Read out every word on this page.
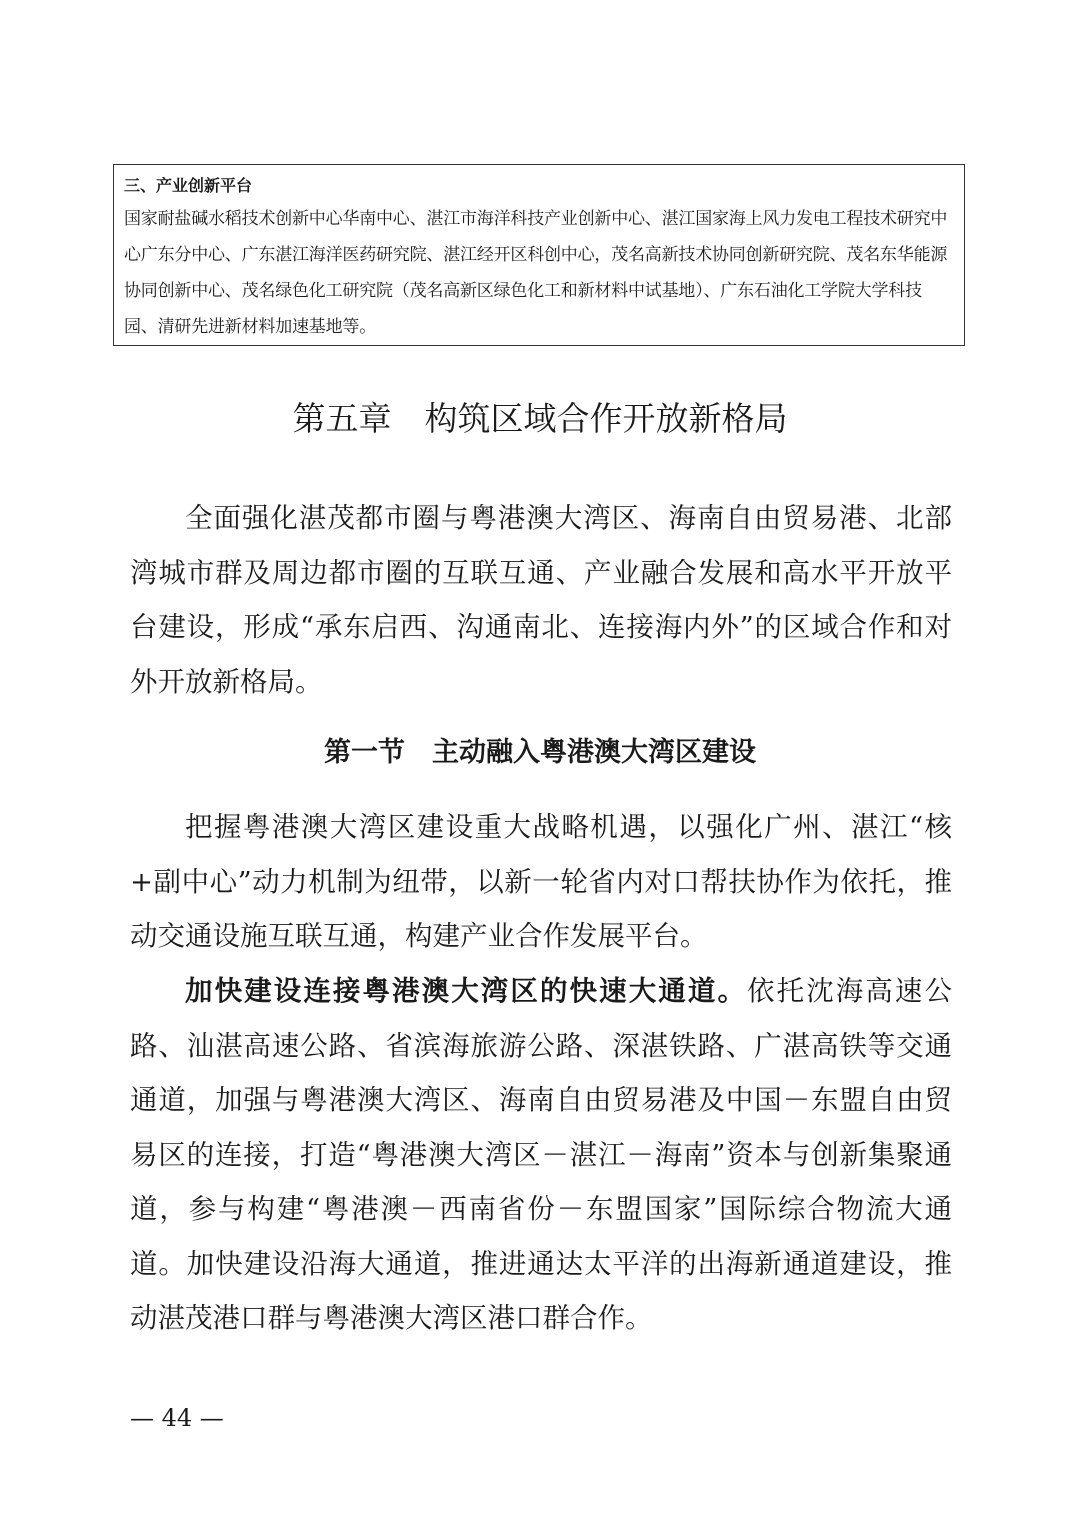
三、产业创新平台

国家耐盐碱水稻技术创新中心华南中心、湛江市海洋科技产业创新中心、湛江国家海上风力发电工程技术研究中心广东分中心、广东湛江海洋医药研究院、湛江经开区科创中心，茂名高新技术协同创新研究院、茂名东华能源协同创新中心、茂名绿色化工研究院（茂名高新区绿色化工和新材料中试基地）、广东石油化工学院大学科技园、清研先进新材料加速基地等。

第五章　构筑区域合作开放新格局

全面强化湛茂都市圈与粤港澳大湾区、海南自由贸易港、北部湾城市群及周边都市圈的互联互通、产业融合发展和高水平开放平台建设，形成“承东启西、沟通南北、连接海内外”的区域合作和对外开放新格局。

第一节　主动融入粤港澳大湾区建设

把握粤港澳大湾区建设重大战略机遇，以强化广州、湛江“核+副中心”动力机制为纽带，以新一轮省内对口帮扶协作为依托，推动交通设施互联互通，构建产业合作发展平台。

加快建设连接粤港澳大湾区的快速大通道。依托沈海高速公路、汕湛高速公路、省滨海旅游公路、深湛铁路、广湛高铁等交通通道，加强与粤港澳大湾区、海南自由贸易港及中国－东盟自由贸易区的连接，打造“粤港澳大湾区－湛江－海南”资本与创新集聚通道，参与构建“粤港澳－西南省份－东盟国家”国际综合物流大通道。加快建设沿海大通道，推进通达太平洋的出海新通道建设，推动湛茂港口群与粤港澳大湾区港口群合作。

— 44 —
